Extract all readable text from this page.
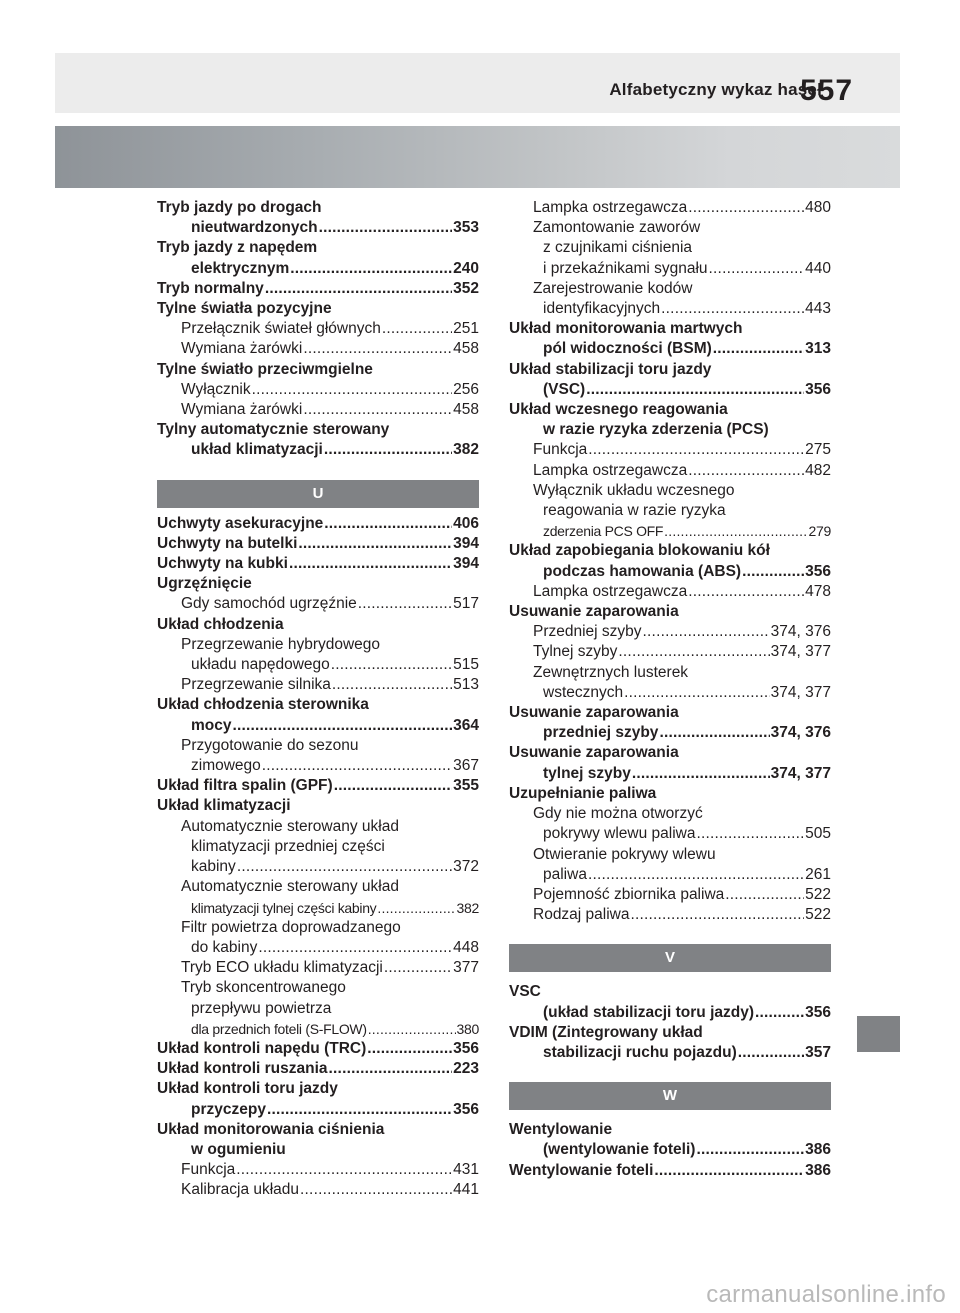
Alfabetyczny wykaz haseł
557
Tryb jazdy po drogach
nieutwardzonych .....	353
Tryb jazdy z napędem
elektrycznym .....	240
Tryb normalny .....	352
Tylne światła pozycyjne
Przełącznik świateł głównych .....	251
Wymiana żarówki .....	458
Tylne światło przeciwmgielne
Wyłącznik .....	256
Wymiana żarówki .....	458
Tylny automatycznie sterowany
układ klimatyzacji .....	382
U
Uchwyty asekuracyjne .....	406
Uchwyty na butelki .....	394
Uchwyty na kubki .....	394
Ugrzęźnięcie
Gdy samochód ugrzęźnie .....	517
Układ chłodzenia
Przegrzewanie hybrydowego
układu napędowego .....	515
Przegrzewanie silnika .....	513
Układ chłodzenia sterownika
mocy .....	364
Przygotowanie do sezonu
zimowego .....	367
Układ filtra spalin (GPF) .....	355
Układ klimatyzacji
Automatycznie sterowany układ
klimatyzacji przedniej części
kabiny .....	372
Automatycznie sterowany układ
klimatyzacji tylnej części kabiny .....	382
Filtr powietrza doprowadzanego
do kabiny .....	448
Tryb ECO układu klimatyzacji .....	377
Tryb skoncentrowanego
przepływu powietrza
dla przednich foteli (S-FLOW) .....	380
Układ kontroli napędu (TRC) .....	356
Układ kontroli ruszania .....	223
Układ kontroli toru jazdy
przyczepy .....	356
Układ monitorowania ciśnienia
w ogumieniu
Funkcja .....	431
Kalibracja układu .....	441
Lampka ostrzegawcza .....	480
Zamontowanie zaworów
z czujnikami ciśnienia
i przekaźnikami sygnału .....	440
Zarejestrowanie kodów
identyfikacyjnych .....	443
Układ monitorowania martwych
pól widoczności (BSM) .....	313
Układ stabilizacji toru jazdy
(VSC) .....	356
Układ wczesnego reagowania
w razie ryzyka zderzenia (PCS)
Funkcja .....	275
Lampka ostrzegawcza .....	482
Wyłącznik układu wczesnego
reagowania w razie ryzyka
zderzenia PCS OFF .....	279
Układ zapobiegania blokowaniu kół
podczas hamowania (ABS) .....	356
Lampka ostrzegawcza .....	478
Usuwanie zaparowania
Przedniej szyby .....	374, 376
Tylnej szyby .....	374, 377
Zewnętrznych lusterek
wstecznych .....	374, 377
Usuwanie zaparowania
przedniej szyby .....	374, 376
Usuwanie zaparowania
tylnej szyby .....	374, 377
Uzupełnianie paliwa
Gdy nie można otworzyć
pokrywy wlewu paliwa .....	505
Otwieranie pokrywy wlewu
paliwa .....	261
Pojemność zbiornika paliwa .....	522
Rodzaj paliwa .....	522
V
VSC
(układ stabilizacji toru jazdy) .....	356
VDIM (Zintegrowany układ
stabilizacji ruchu pojazdu) .....	357
W
Wentylowanie
(wentylowanie foteli) .....	386
Wentylowanie foteli .....	386
carmanualsonline.info
